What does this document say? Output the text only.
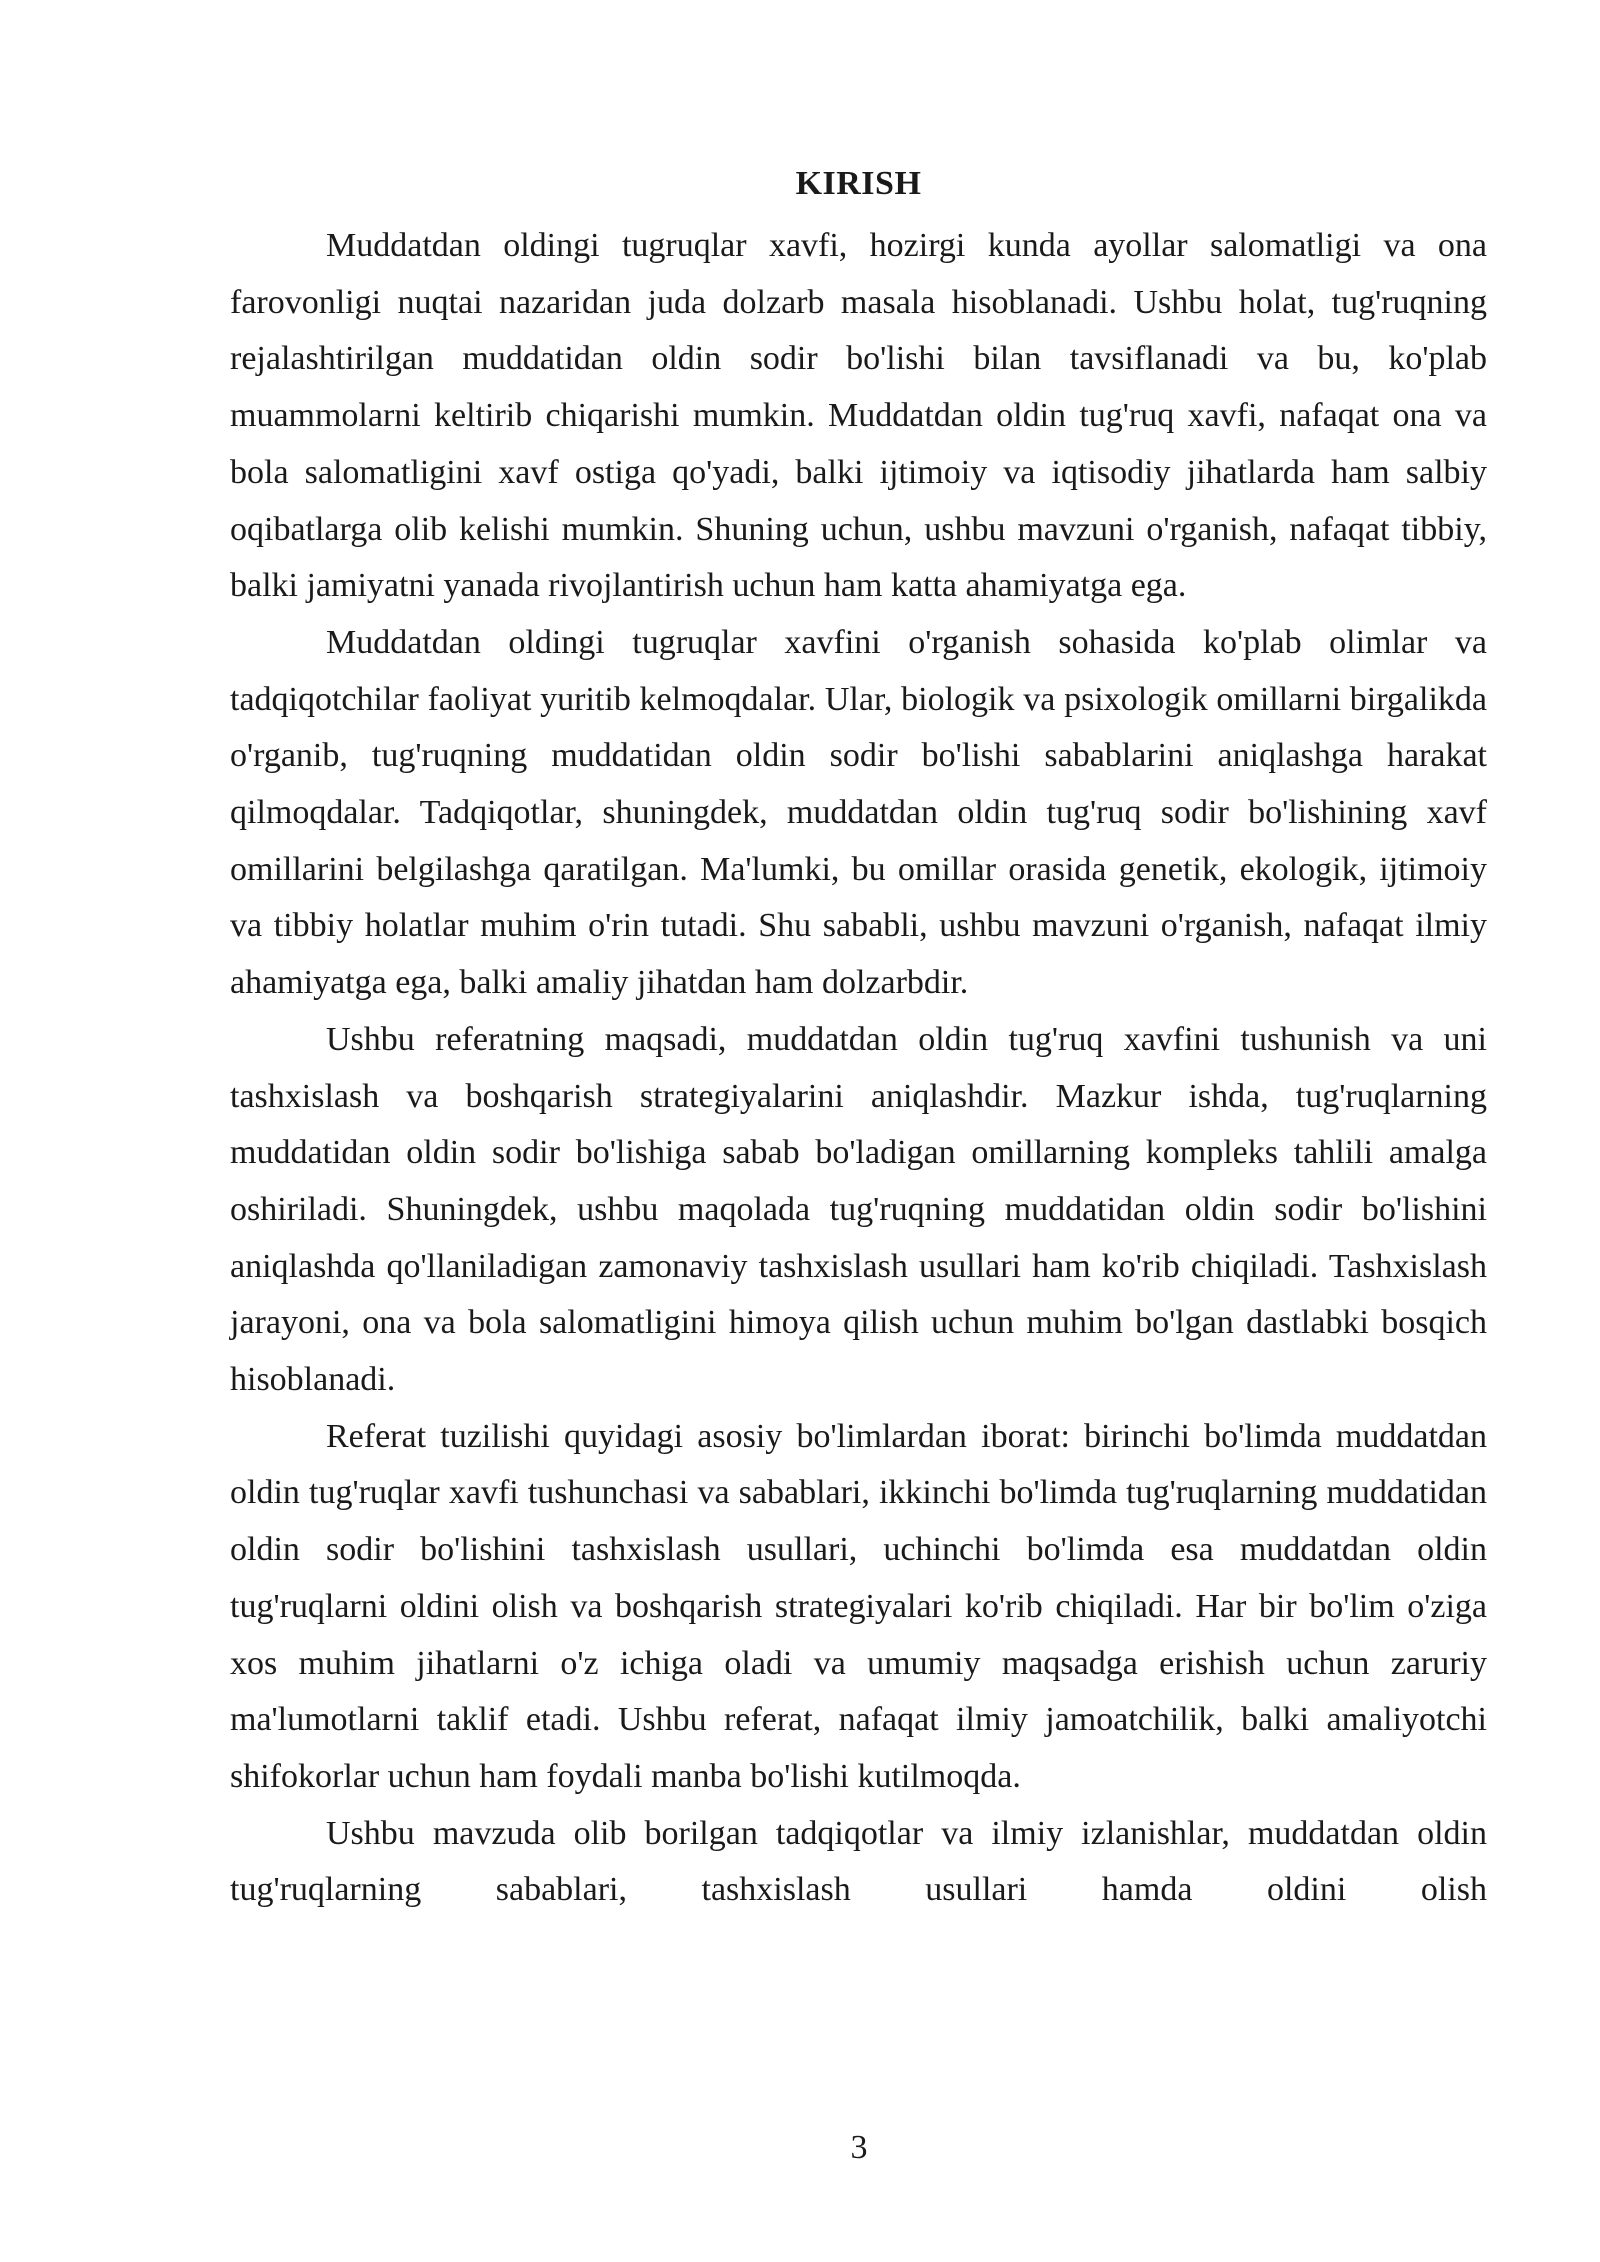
KIRISH

Muddatdan oldingi tugruqlar xavfi, hozirgi kunda ayollar salomatligi va ona farovonligi nuqtai nazaridan juda dolzarb masala hisoblanadi. Ushbu holat, tug'ruqning rejalashtirilgan muddatidan oldin sodir bo'lishi bilan tavsiflanadi va bu, ko'plab muammolarni keltirib chiqarishi mumkin. Muddatdan oldin tug'ruq xavfi, nafaqat ona va bola salomatligini xavf ostiga qo'yadi, balki ijtimoiy va iqtisodiy jihatlarda ham salbiy oqibatlarga olib kelishi mumkin. Shuning uchun, ushbu mavzuni o'rganish, nafaqat tibbiy, balki jamiyatni yanada rivojlantirish uchun ham katta ahamiyatga ega.

Muddatdan oldingi tugruqlar xavfini o'rganish sohasida ko'plab olimlar va tadqiqotchilar faoliyat yuritib kelmoqdalar. Ular, biologik va psixologik omillarni birgalikda o'rganib, tug'ruqning muddatidan oldin sodir bo'lishi sabablarini aniqlashga harakat qilmoqdalar. Tadqiqotlar, shuningdek, muddatdan oldin tug'ruq sodir bo'lishining xavf omillarini belgilashga qaratilgan. Ma'lumki, bu omillar orasida genetik, ekologik, ijtimoiy va tibbiy holatlar muhim o'rin tutadi. Shu sababli, ushbu mavzuni o'rganish, nafaqat ilmiy ahamiyatga ega, balki amaliy jihatdan ham dolzarbdir.

Ushbu referatning maqsadi, muddatdan oldin tug'ruq xavfini tushunish va uni tashxislash va boshqarish strategiyalarini aniqlashdir. Mazkur ishda, tug'ruqlarning muddatidan oldin sodir bo'lishiga sabab bo'ladigan omillarning kompleks tahlili amalga oshiriladi. Shuningdek, ushbu maqolada tug'ruqning muddatidan oldin sodir bo'lishini aniqlashda qo'llaniladigan zamonaviy tashxislash usullari ham ko'rib chiqiladi. Tashxislash jarayoni, ona va bola salomatligini himoya qilish uchun muhim bo'lgan dastlabki bosqich hisoblanadi.

Referat tuzilishi quyidagi asosiy bo'limlardan iborat: birinchi bo'limda muddatdan oldin tug'ruqlar xavfi tushunchasi va sabablari, ikkinchi bo'limda tug'ruqlarning muddatidan oldin sodir bo'lishini tashxislash usullari, uchinchi bo'limda esa muddatdan oldin tug'ruqlarni oldini olish va boshqarish strategiyalari ko'rib chiqiladi. Har bir bo'lim o'ziga xos muhim jihatlarni o'z ichiga oladi va umumiy maqsadga erishish uchun zaruriy ma'lumotlarni taklif etadi. Ushbu referat, nafaqat ilmiy jamoatchilik, balki amaliyotchi shifokorlar uchun ham foydali manba bo'lishi kutilmoqda.

Ushbu mavzuda olib borilgan tadqiqotlar va ilmiy izlanishlar, muddatdan oldin tug'ruqlarning sabablari, tashxislash usullari hamda oldini olish

3
